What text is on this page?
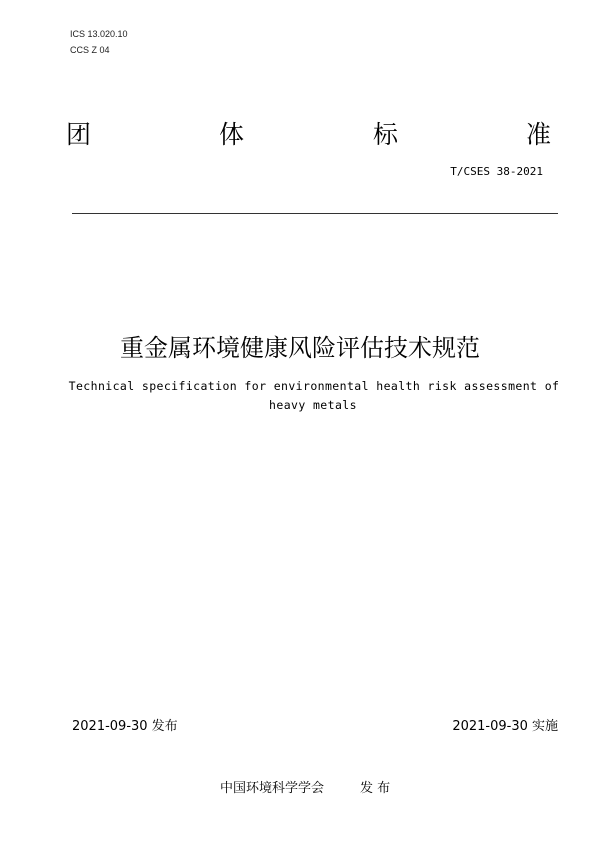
ICS 13.020.10
CCS Z 04
团	体	标	准
T/CSES 38-2021
重金属环境健康风险评估技术规范
Technical specification for environmental health risk assessment of
heavy metals
2021-09-30 发布	2021-09-30 实施
中国环境科学学会	发 布
